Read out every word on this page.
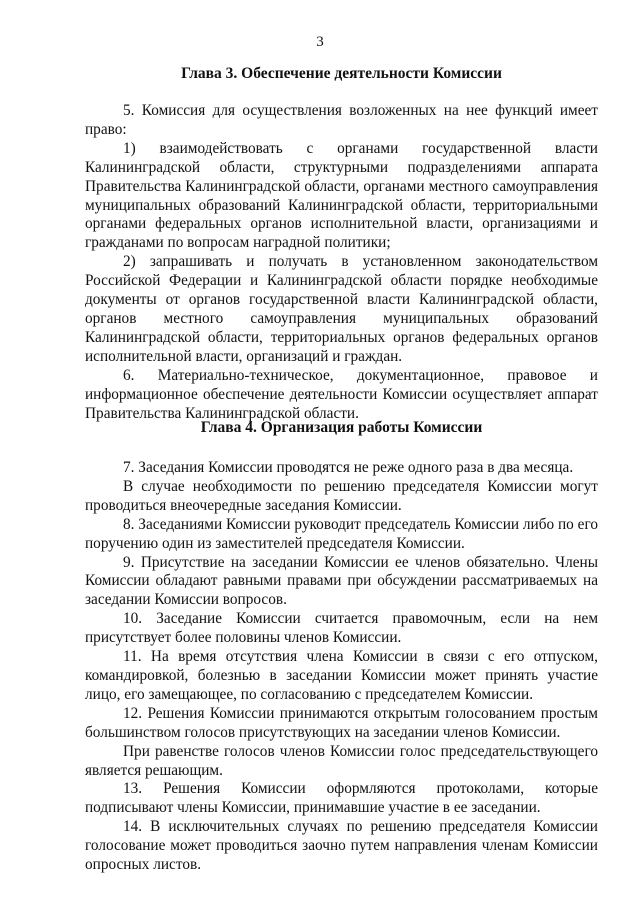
3
Глава 3. Обеспечение деятельности Комиссии

5. Комиссия для осуществления возложенных на нее функций имеет право:

1) взаимодействовать с органами государственной власти Калининградской области, структурными подразделениями аппарата Правительства Калининградской области, органами местного самоуправления муниципальных образований Калининградской области, территориальными органами федеральных органов исполнительной власти, организациями и гражданами по вопросам наградной политики;

2) запрашивать и получать в установленном законодательством Российской Федерации и Калининградской области порядке необходимые документы от органов государственной власти Калининградской области, органов местного самоуправления муниципальных образований Калининградской области, территориальных органов федеральных органов исполнительной власти, организаций и граждан.

6. Материально-техническое, документационное, правовое и информационное обеспечение деятельности Комиссии осуществляет аппарат Правительства Калининградской области.

Глава 4. Организация работы Комиссии

7. Заседания Комиссии проводятся не реже одного раза в два месяца.

В случае необходимости по решению председателя Комиссии могут проводиться внеочередные заседания Комиссии.

8. Заседаниями Комиссии руководит председатель Комиссии либо по его поручению один из заместителей председателя Комиссии.

9. Присутствие на заседании Комиссии ее членов обязательно. Члены Комиссии обладают равными правами при обсуждении рассматриваемых на заседании Комиссии вопросов.

10. Заседание Комиссии считается правомочным, если на нем присутствует более половины членов Комиссии.

11. На время отсутствия члена Комиссии в связи с его отпуском, командировкой, болезнью в заседании Комиссии может принять участие лицо, его замещающее, по согласованию с председателем Комиссии.

12. Решения Комиссии принимаются открытым голосованием простым большинством голосов присутствующих на заседании членов Комиссии.

При равенстве голосов членов Комиссии голос председательствующего является решающим.

13. Решения Комиссии оформляются протоколами, которые подписывают члены Комиссии, принимавшие участие в ее заседании.

14. В исключительных случаях по решению председателя Комиссии голосование может проводиться заочно путем направления членам Комиссии опросных листов.
